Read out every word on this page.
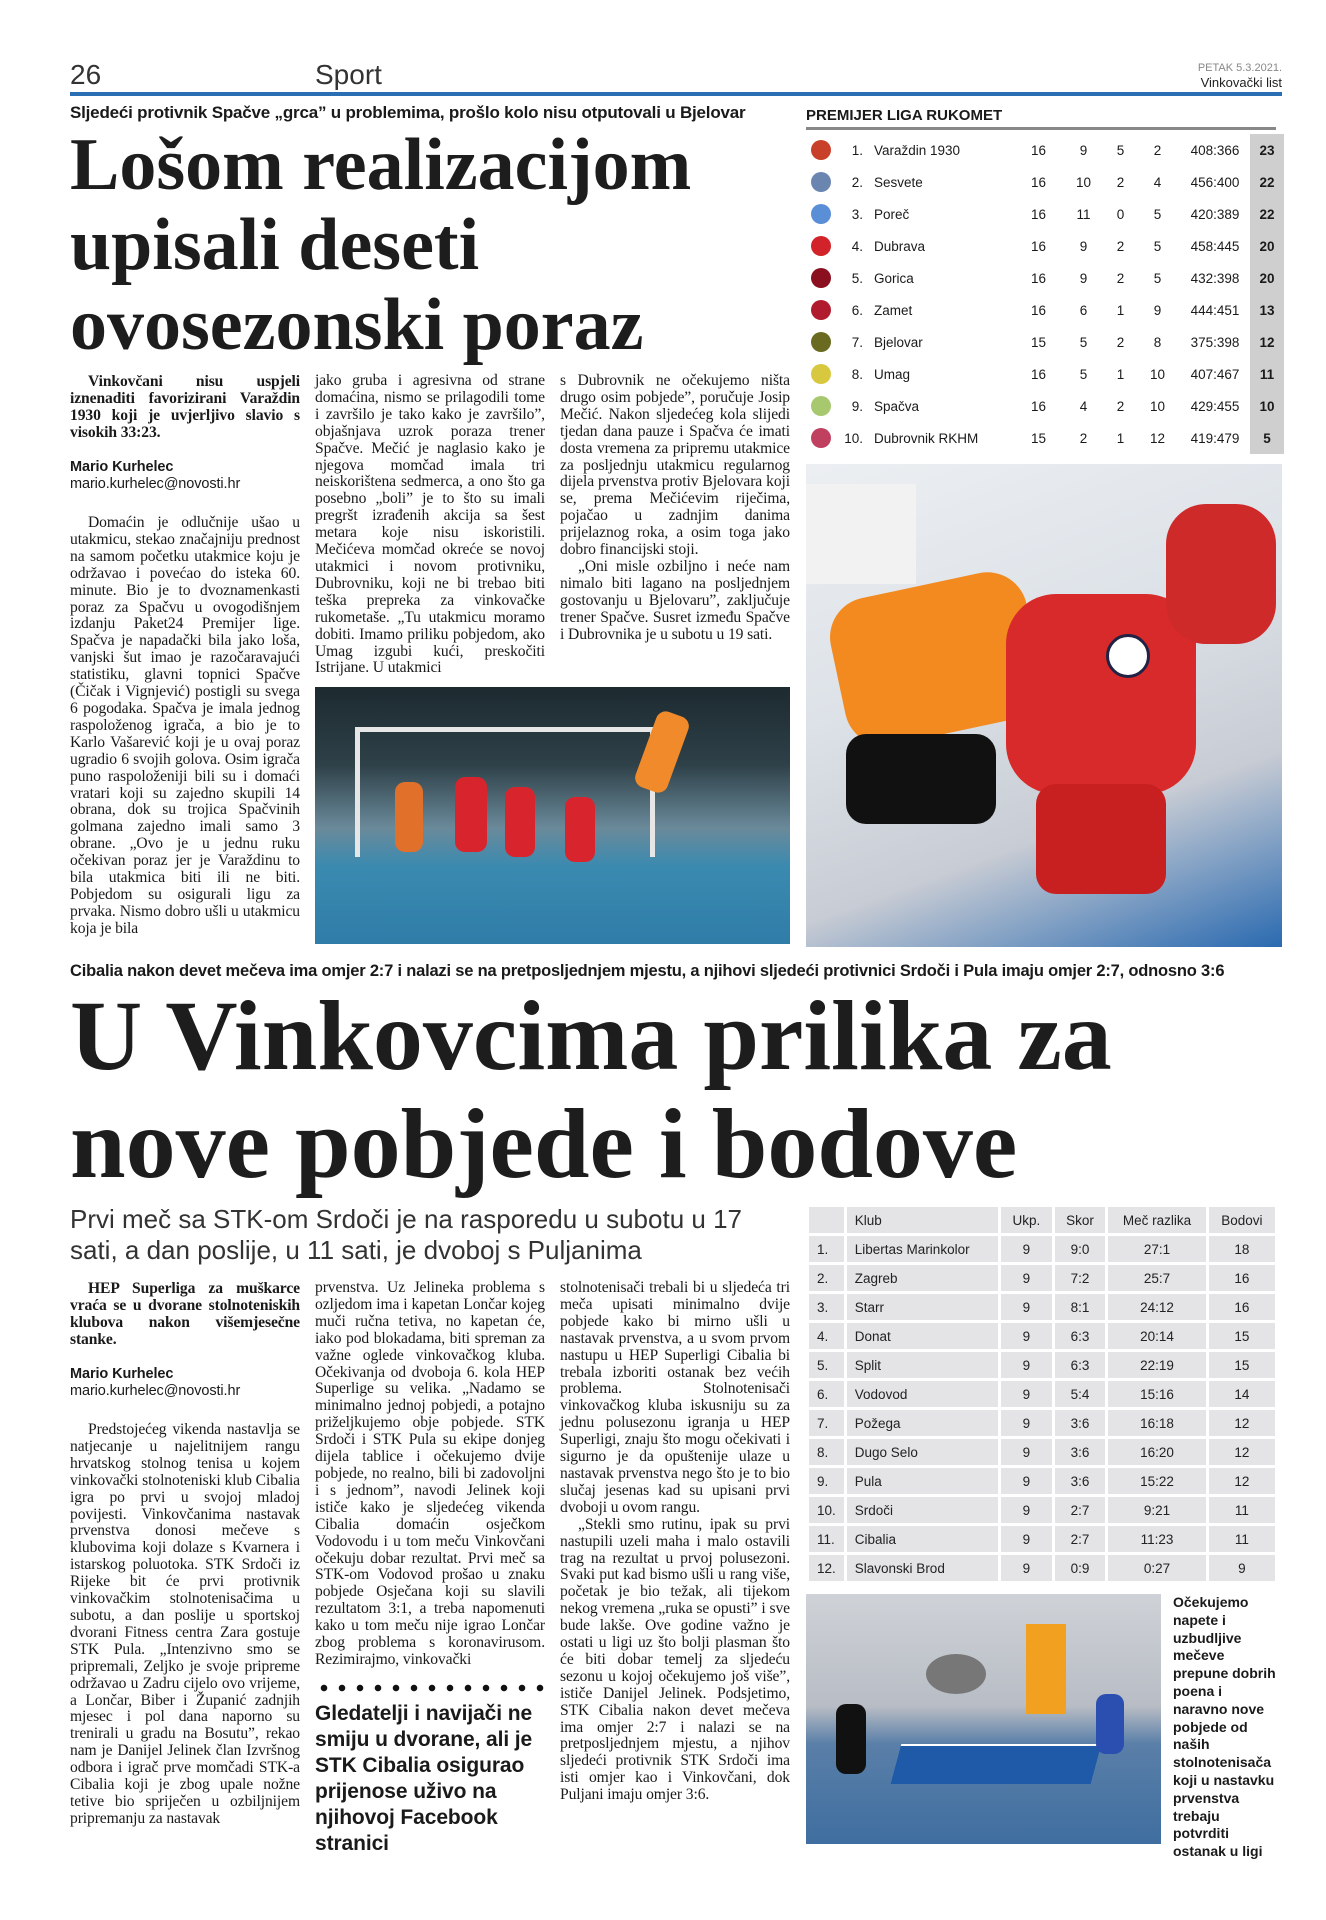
26	Sport	PETAK 5.3.2021.
Vinkovački list
Sljedeći protivnik Spačve „grca” u problemima, prošlo kolo nisu otputovali u Bjelovar
Lošom realizacijom
upisali deseti
ovosezonski poraz
Vinkovčani nisu uspjeli iznenaditi favorizirani Varaždin 1930 koji je uvjerljivo slavio s visokih 33:23.
Mario Kurhelec
mario.kurhelec@novosti.hr

Domaćin je odlučnije ušao u utakmicu, stekao značajniju prednost na samom početku utakmice koju je održavao i povećao do isteka 60. minute. Bio je to dvoznamenkasti poraz za Spačvu u ovogodišnjem izdanju Paket24 Premijer lige. Spačva je napadački bila jako loša, vanjski šut imao je razočaravajući statistiku, glavni topnici Spačve (Čičak i Vignjević) postigli su svega 6 pogodaka. Spačva je imala jednog raspoloženog igrača, a bio je to Karlo Vašarević koji je u ovaj poraz ugradio 6 svojih golova. Osim igrača puno raspoloženiji bili su i domaći vratari koji su zajedno skupili 14 obrana, dok su trojica Spačvinih golmana zajedno imali samo 3 obrane. „Ovo je u jednu ruku očekivan poraz jer je Varaždinu to bila utakmica biti ili ne biti. Pobjedom su osigurali ligu za prvaka. Nismo dobro ušli u utakmicu koja je bila

jako gruba i agresivna od strane domaćina, nismo se prilagodili tome i završilo je tako kako je završilo”, objašnjava uzrok poraza trener Spačve. Mečić je naglasio kako je njegova momčad imala tri neiskorištena sedmerca, a ono što ga posebno „boli” je to što su imali pregršt izrađenih akcija sa šest metara koje nisu iskoristili. Mečićeva momčad okreće se novoj utakmici i novom protivniku, Dubrovniku, koji ne bi trebao biti teška prepreka za vinkovačke rukometaše. „Tu utakmicu moramo dobiti. Imamo priliku pobjedom, ako Umag izgubi kući, preskočiti Istrijane. U utakmici

s Dubrovnik ne očekujemo ništa drugo osim pobjede”, poručuje Josip Mečić. Nakon sljedećeg kola slijedi tjedan dana pauze i Spačva će imati dosta vremena za pripremu utakmice za posljednju utakmicu regularnog dijela prvenstva protiv Bjelovara koji se, prema Mečićevim riječima, pojačao u zadnjim danima prijelaznog roka, a osim toga jako dobro financijski stoji.

„Oni misle ozbiljno i neće nam nimalo biti lagano na posljednjem gostovanju u Bjelovaru”, zaključuje trener Spačve. Susret između Spačve i Dubrovnika je u subotu u 19 sati.

PREMIJER LIGA RUKOMET
	1.	Varaždin 1930	16	9	5	2	408:366	23
	2.	Sesvete	16	10	2	4	456:400	22
	3.	Poreč	16	11	0	5	420:389	22
	4.	Dubrava	16	9	2	5	458:445	20
	5.	Gorica	16	9	2	5	432:398	20
	6.	Zamet	16	6	1	9	444:451	13
	7.	Bjelovar	15	5	2	8	375:398	12
	8.	Umag	16	5	1	10	407:467	11
	9.	Spačva	16	4	2	10	429:455	10
	10.	Dubrovnik RKHM	15	2	1	12	419:479	5
Cibalia nakon devet mečeva ima omjer 2:7 i nalazi se na pretposljednjem mjestu, a njihovi sljedeći protivnici Srdoči i Pula imaju omjer 2:7, odnosno 3:6
U Vinkovcima prilika za
nove pobjede i bodove
Prvi meč sa STK-om Srdoči je na rasporedu u subotu u 17 sati, a dan poslije, u 11 sati, je dvoboj s Puljanima
HEP Superliga za muškarce vraća se u dvorane stolnoteniskih klubova nakon višemjesečne stanke.
Mario Kurhelec
mario.kurhelec@novosti.hr

Predstojećeg vikenda nastavlja se natjecanje u najelitnijem rangu hrvatskog stolnog tenisa u kojem vinkovački stolnoteniski klub Cibalia igra po prvi u svojoj mladoj povijesti. Vinkovčanima nastavak prvenstva donosi mečeve s klubovima koji dolaze s Kvarnera i istarskog poluotoka. STK Srdoči iz Rijeke bit će prvi protivnik vinkovačkim stolnotenisačima u subotu, a dan poslije u sportskoj dvorani Fitness centra Zara gostuje STK Pula. „Intenzivno smo se pripremali, Zeljko je svoje pripreme održavao u Zadru cijelo ovo vrijeme, a Lončar, Biber i Županić zadnjih mjesec i pol dana naporno su trenirali u gradu na Bosutu”, rekao nam je Danijel Jelinek član Izvršnog odbora i igrač prve momčadi STK-a Cibalia koji je zbog upale nožne tetive bio spriječen u ozbiljnijem pripremanju za nastavak

prvenstva. Uz Jelineka problema s ozljedom ima i kapetan Lončar kojeg muči ručna tetiva, no kapetan će, iako pod blokadama, biti spreman za važne oglede vinkovačkog kluba. Očekivanja od dvoboja 6. kola HEP Superlige su velika. „Nadamo se minimalno jednoj pobjedi, a potajno priželjkujemo obje pobjede. STK Srdoči i STK Pula su ekipe donjeg dijela tablice i očekujemo dvije pobjede, no realno, bili bi zadovoljni i s jednom”, navodi Jelinek koji ističe kako je sljedećeg vikenda Cibalia domaćin osječkom Vodovodu i u tom meču Vinkovčani očekuju dobar rezultat. Prvi meč sa STK-om Vodovod prošao u znaku pobjede Osječana koji su slavili rezultatom 3:1, a treba napomenuti kako u tom meču nije igrao Lončar zbog problema s koronavirusom. Rezimirajmo, vinkovački

Gledatelji i navijači ne smiju u dvorane, ali je STK Cibalia osigurao prijenose uživo na njihovoj Facebook stranici

stolnotenisači trebali bi u sljedeća tri meča upisati minimalno dvije pobjede kako bi mirno ušli u nastavak prvenstva, a u svom prvom nastupu u HEP Superligi Cibalia bi trebala izboriti ostanak bez većih problema. Stolnotenisači vinkovačkog kluba iskusniju su za jednu polusezonu igranja u HEP Superligi, znaju što mogu očekivati i sigurno je da opuštenije ulaze u nastavak prvenstva nego što je to bio slučaj jesenas kad su upisani prvi dvoboji u ovom rangu.

„Stekli smo rutinu, ipak su prvi nastupili uzeli maha i malo ostavili trag na rezultat u prvoj polusezoni. Svaki put kad bismo ušli u rang više, početak je bio težak, ali tijekom nekog vremena „ruka se opusti” i sve bude lakše. Ove godine važno je ostati u ligi uz što bolji plasman što će biti dobar temelj za sljedeću sezonu u kojoj očekujemo još više”, ističe Danijel Jelinek. Podsjetimo, STK Cibalia nakon devet mečeva ima omjer 2:7 i nalazi se na pretposljednjem mjestu, a njihov sljedeći protivnik STK Srdoči ima isti omjer kao i Vinkovčani, dok Puljani imaju omjer 3:6.

	Klub	Ukp.	Skor	Meč razlika	Bodovi
1.	Libertas Marinkolor	9	9:0	27:1	18
2.	Zagreb	9	7:2	25:7	16
3.	Starr	9	8:1	24:12	16
4.	Donat	9	6:3	20:14	15
5.	Split	9	6:3	22:19	15
6.	Vodovod	9	5:4	15:16	14
7.	Požega	9	3:6	16:18	12
8.	Dugo Selo	9	3:6	16:20	12
9.	Pula	9	3:6	15:22	12
10.	Srdoči	9	2:7	9:21	11
11.	Cibalia	9	2:7	11:23	11
12.	Slavonski Brod	9	0:9	0:27	9
Očekujemo napete i uzbudljive mečeve prepune dobrih poena i naravno nove pobjede od naših stolnotenisača koji u nastavku prvenstva trebaju potvrditi ostanak u ligi
